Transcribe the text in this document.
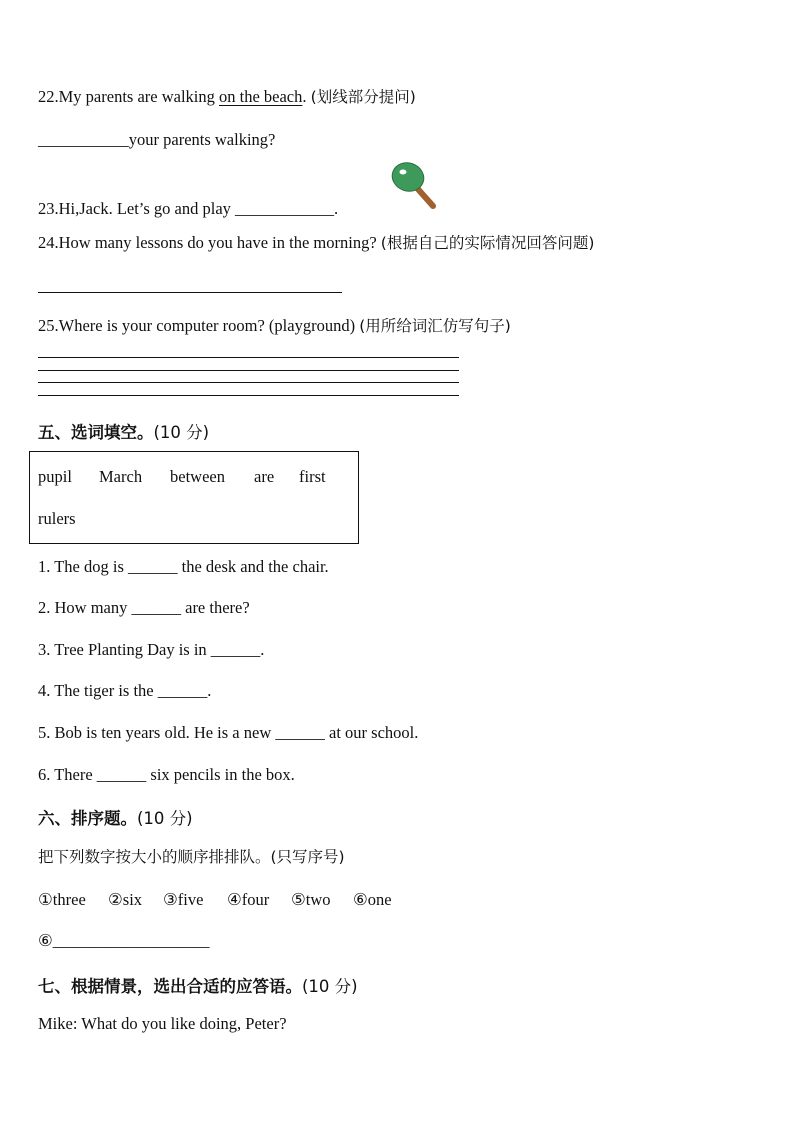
22.My parents are walking on the beach. (划线部分提问)
___________your parents walking?
23.Hi,Jack. Let’s go and play ____________.
24.How many lessons do you have in the morning? (根据自己的实际情况回答问题)
25.Where is your computer room? (playground) (用所给词汇仿写句子)
五、选词填空。(10 分)
pupil March between are first
rulers
1. The dog is ______ the desk and the chair.
2. How many ______ are there?
3. Tree Planting Day is in ______.
4. The tiger is the ______.
5. Bob is ten years old. He is a new ______ at our school.
6. There ______ six pencils in the box.
六、排序题。(10 分)
把下列数字按大小的顺序排排队。(只写序号)
①three ②six ③five ④four ⑤two ⑥one
⑥___________________
七、根据情景，选出合适的应答语。(10 分)
Mike: What do you like doing, Peter?
